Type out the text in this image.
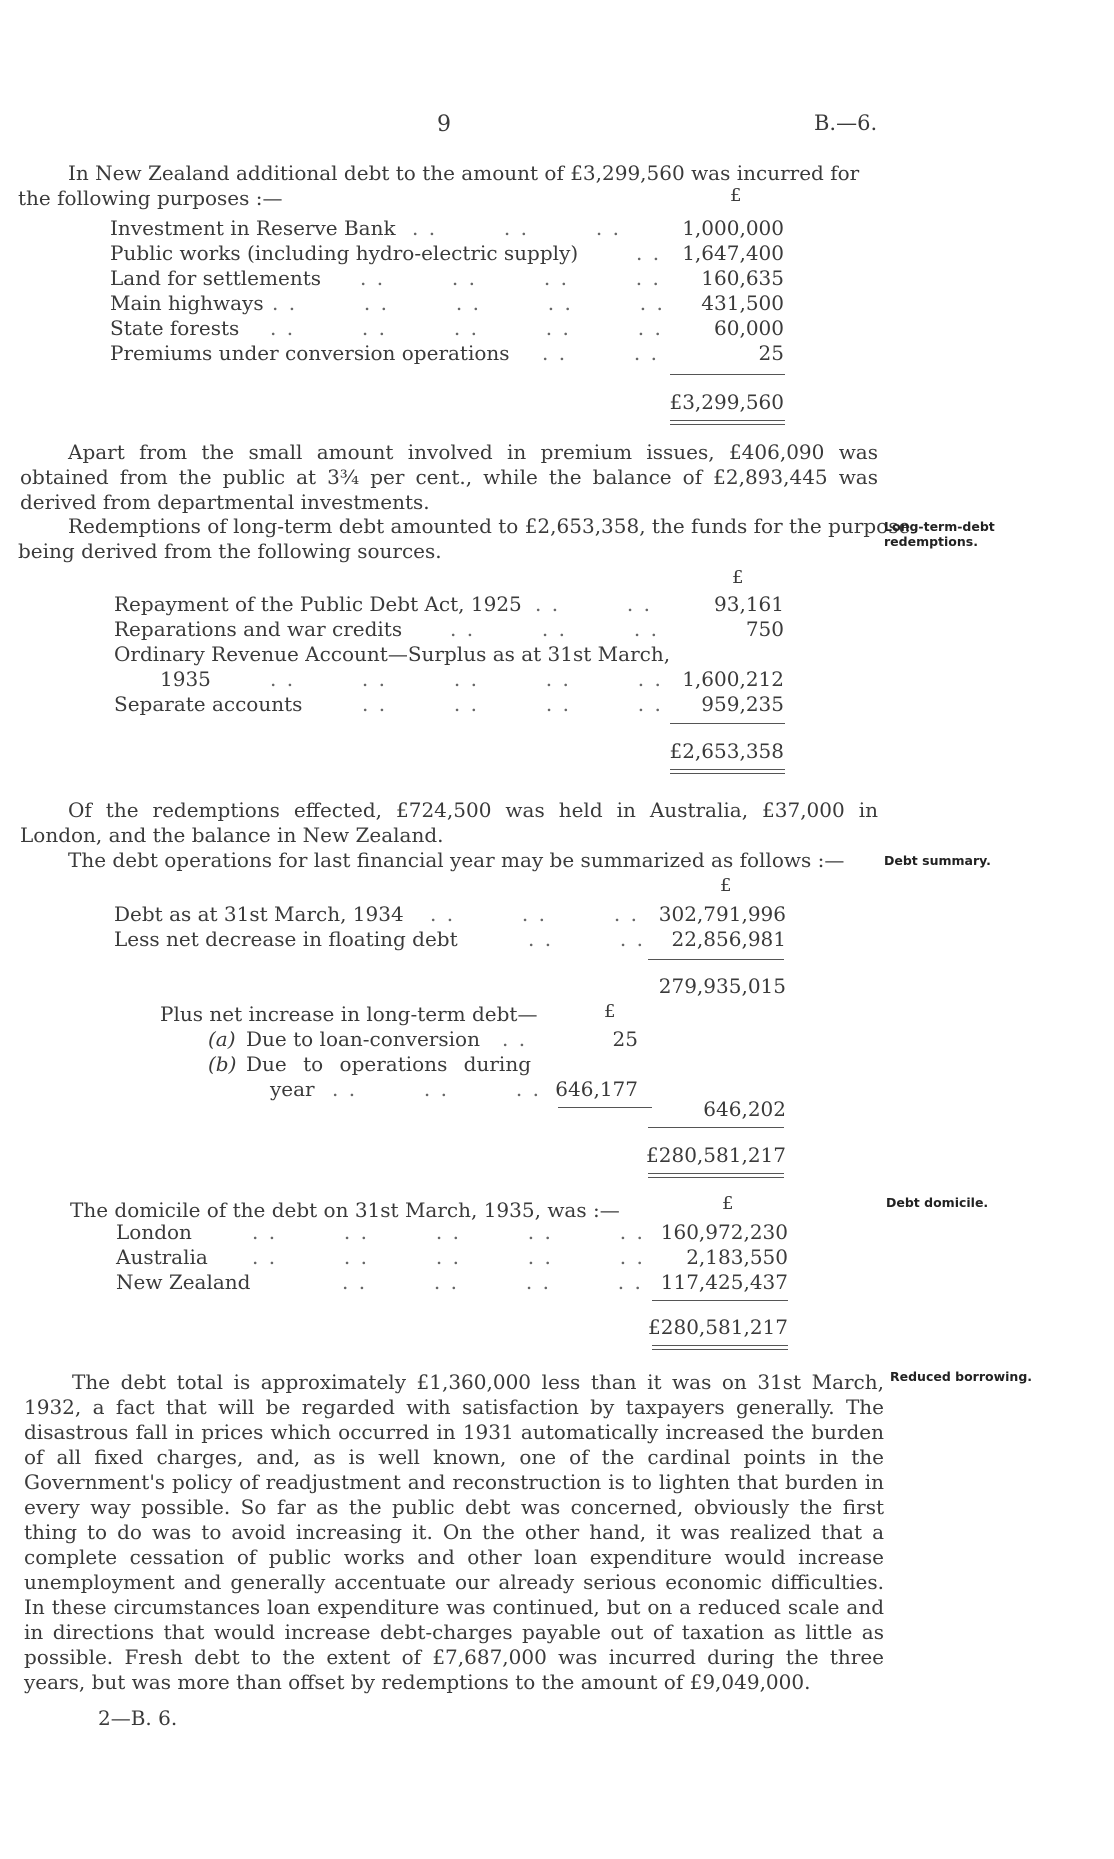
9	B.—6.
In New Zealand additional debt to the amount of £3,299,560 was incurred for
the following purposes :—	£
Investment in Reserve Bank . .        . .        . .	1,000,000
Public works (including hydro-electric supply)	. . 1,647,400
Land for settlements . .        . .        . .        . . 160,635
Main highways . .        . .        . .        . .        . . 431,500
State forests . .        . .        . .        . .        . .	60,000
Premiums under conversion operations . .        . .	25
£3,299,560
Apart from the small amount involved in premium issues, £406,090 was obtained from the public at 3¾ per cent., while the balance of £2,893,445 was derived from departmental investments.
Redemptions of long-term debt amounted to £2,653,358, the funds for the purpose
being derived from the following sources.
Long-term-debt redemptions.
£
Repayment of the Public Debt Act, 1925 . .        . .	93,161
Reparations and war credits . .        . .        . .	750
Ordinary Revenue Account—Surplus as at 31st March,
1935	. .        . .        . .        . .        . . 1,600,212
Separate accounts	. .        . .        . .        . . 959,235
£2,653,358
Of the redemptions effected, £724,500 was held in Australia, £37,000 in London, and the balance in New Zealand.
The debt operations for last financial year may be summarized as follows :—	Debt summary.
£
Debt as at 31st March, 1934 . .        . .        . . 302,791,996
Less net decrease in floating debt	. .        . . 22,856,981
279,935,015
Plus net increase in long-term debt—	£
(a) Due to loan-conversion . .	25
(b) Due to operations during
year . .        . .        . . 646,177
646,202
£280,581,217
The domicile of the debt on 31st March, 1935, was :—	Debt domicile.
£
London	. .        . .        . .        . .        . . 160,972,230
Australia . .        . .        . .        . .        . . 2,183,550
New Zealand	. .        . .        . .        . . 117,425,437
£280,581,217
Reduced borrowing.
The debt total is approximately £1,360,000 less than it was on 31st March, 1932, a fact that will be regarded with satisfaction by taxpayers generally. The disastrous fall in prices which occurred in 1931 automatically increased the burden of all fixed charges, and, as is well known, one of the cardinal points in the Government's policy of readjustment and reconstruction is to lighten that burden in every way possible. So far as the public debt was concerned, obviously the first thing to do was to avoid increasing it. On the other hand, it was realized that a complete cessation of public works and other loan expenditure would increase unemployment and generally accentuate our already serious economic difficulties. In these circumstances loan expenditure was continued, but on a reduced scale and in directions that would increase debt-charges payable out of taxation as little as possible. Fresh debt to the extent of £7,687,000 was incurred during the three years, but was more than offset by redemptions to the amount of £9,049,000.
2—B. 6.
